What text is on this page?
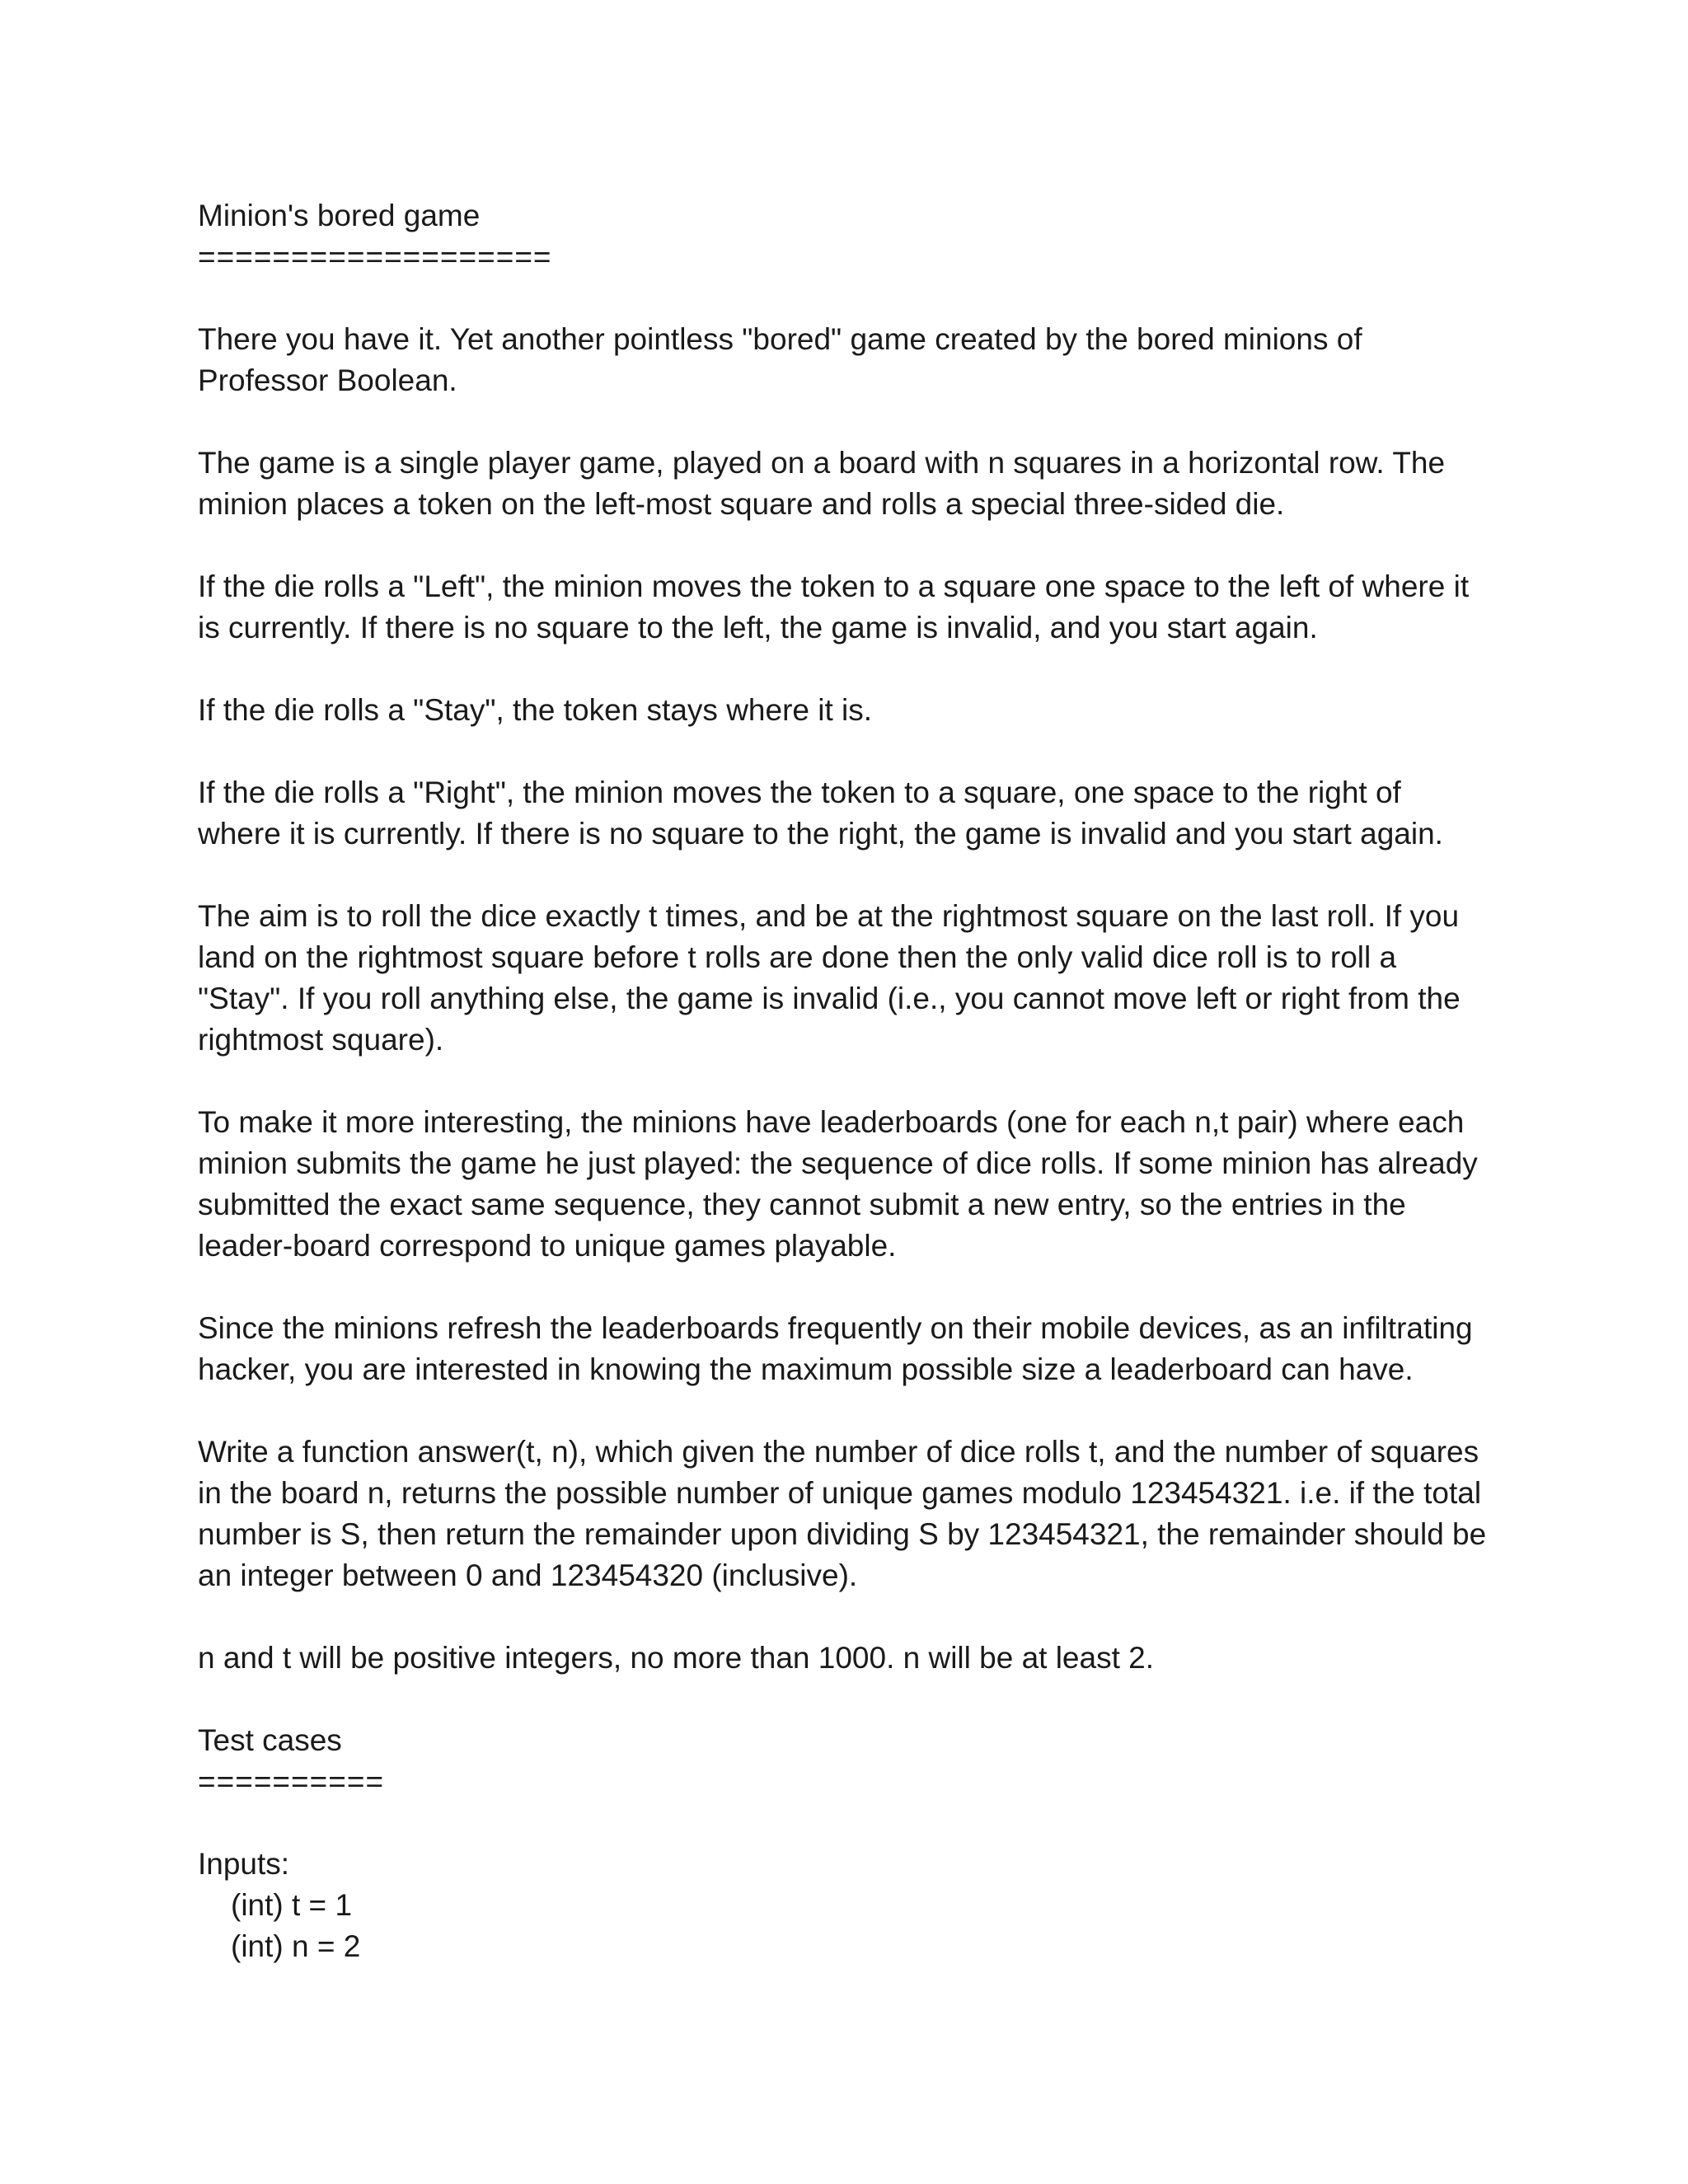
Minion's bored game

===================

There you have it. Yet another pointless "bored" game created by the bored minions of Professor Boolean.

The game is a single player game, played on a board with n squares in a horizontal row. The minion places a token on the left-most square and rolls a special three-sided die.

If the die rolls a "Left", the minion moves the token to a square one space to the left of where it is currently. If there is no square to the left, the game is invalid, and you start again.

If the die rolls a "Stay", the token stays where it is.

If the die rolls a "Right", the minion moves the token to a square, one space to the right of where it is currently. If there is no square to the right, the game is invalid and you start again.

The aim is to roll the dice exactly t times, and be at the rightmost square on the last roll. If you land on the rightmost square before t rolls are done then the only valid dice roll is to roll a "Stay". If you roll anything else, the game is invalid (i.e., you cannot move left or right from the rightmost square).

To make it more interesting, the minions have leaderboards (one for each n,t pair) where each minion submits the game he just played: the sequence of dice rolls. If some minion has already submitted the exact same sequence, they cannot submit a new entry, so the entries in the leader-board correspond to unique games playable.

Since the minions refresh the leaderboards frequently on their mobile devices, as an infiltrating hacker, you are interested in knowing the maximum possible size a leaderboard can have.

Write a function answer(t, n), which given the number of dice rolls t, and the number of squares in the board n, returns the possible number of unique games modulo 123454321. i.e. if the total number is S, then return the remainder upon dividing S by 123454321, the remainder should be an integer between 0 and 123454320 (inclusive).

n and t will be positive integers, no more than 1000. n will be at least 2.

Test cases

==========

Inputs:

(int) t = 1

(int) n = 2
